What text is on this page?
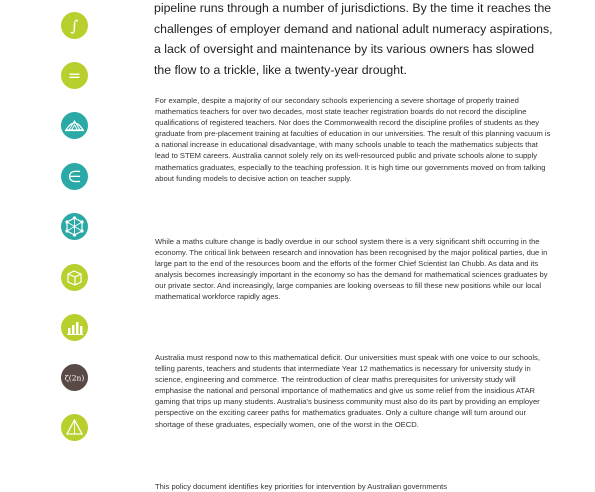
pipeline runs through a number of jurisdictions. By the time it reaches the challenges of employer demand and national adult numeracy aspirations, a lack of oversight and maintenance by its various owners has slowed the flow to a trickle, like a twenty-year drought.

For example, despite a majority of our secondary schools experiencing a severe shortage of properly trained mathematics teachers for over two decades, most state teacher registration boards do not record the discipline qualifications of registered teachers. Nor does the Commonwealth record the discipline profiles of students as they graduate from pre-placement training at faculties of education in our universities. The result of this planning vacuum is a national increase in educational disadvantage, with many schools unable to teach the mathematics subjects that lead to STEM careers. Australia cannot solely rely on its well-resourced public and private schools alone to supply mathematics graduates, especially to the teaching profession. It is high time our governments moved on from talking about funding models to decisive action on teacher supply.

While a maths culture change is badly overdue in our school system there is a very significant shift occurring in the economy. The critical link between research and innovation has been recognised by the major political parties, due in large part to the end of the resources boom and the efforts of the former Chief Scientist Ian Chubb. As data and its analysis becomes increasingly important in the economy so has the demand for mathematical sciences graduates by our private sector. And increasingly, large companies are looking overseas to fill these new positions while our local mathematical workforce rapidly ages.

Australia must respond now to this mathematical deficit. Our universities must speak with one voice to our schools, telling parents, teachers and students that intermediate Year 12 mathematics is necessary for university study in science, engineering and commerce. The reintroduction of clear maths prerequisites for university study will emphasise the national and personal importance of mathematics and give us some relief from the insidious ATAR gaming that trips up many students. Australia's business community must also do its part by providing an employer perspective on the exciting career paths for mathematics graduates. Only a culture change will turn around our shortage of these graduates, especially women, one of the worst in the OECD.

This policy document identifies key priorities for intervention by Australian governments

∫
=
∈
ζ(2n)
